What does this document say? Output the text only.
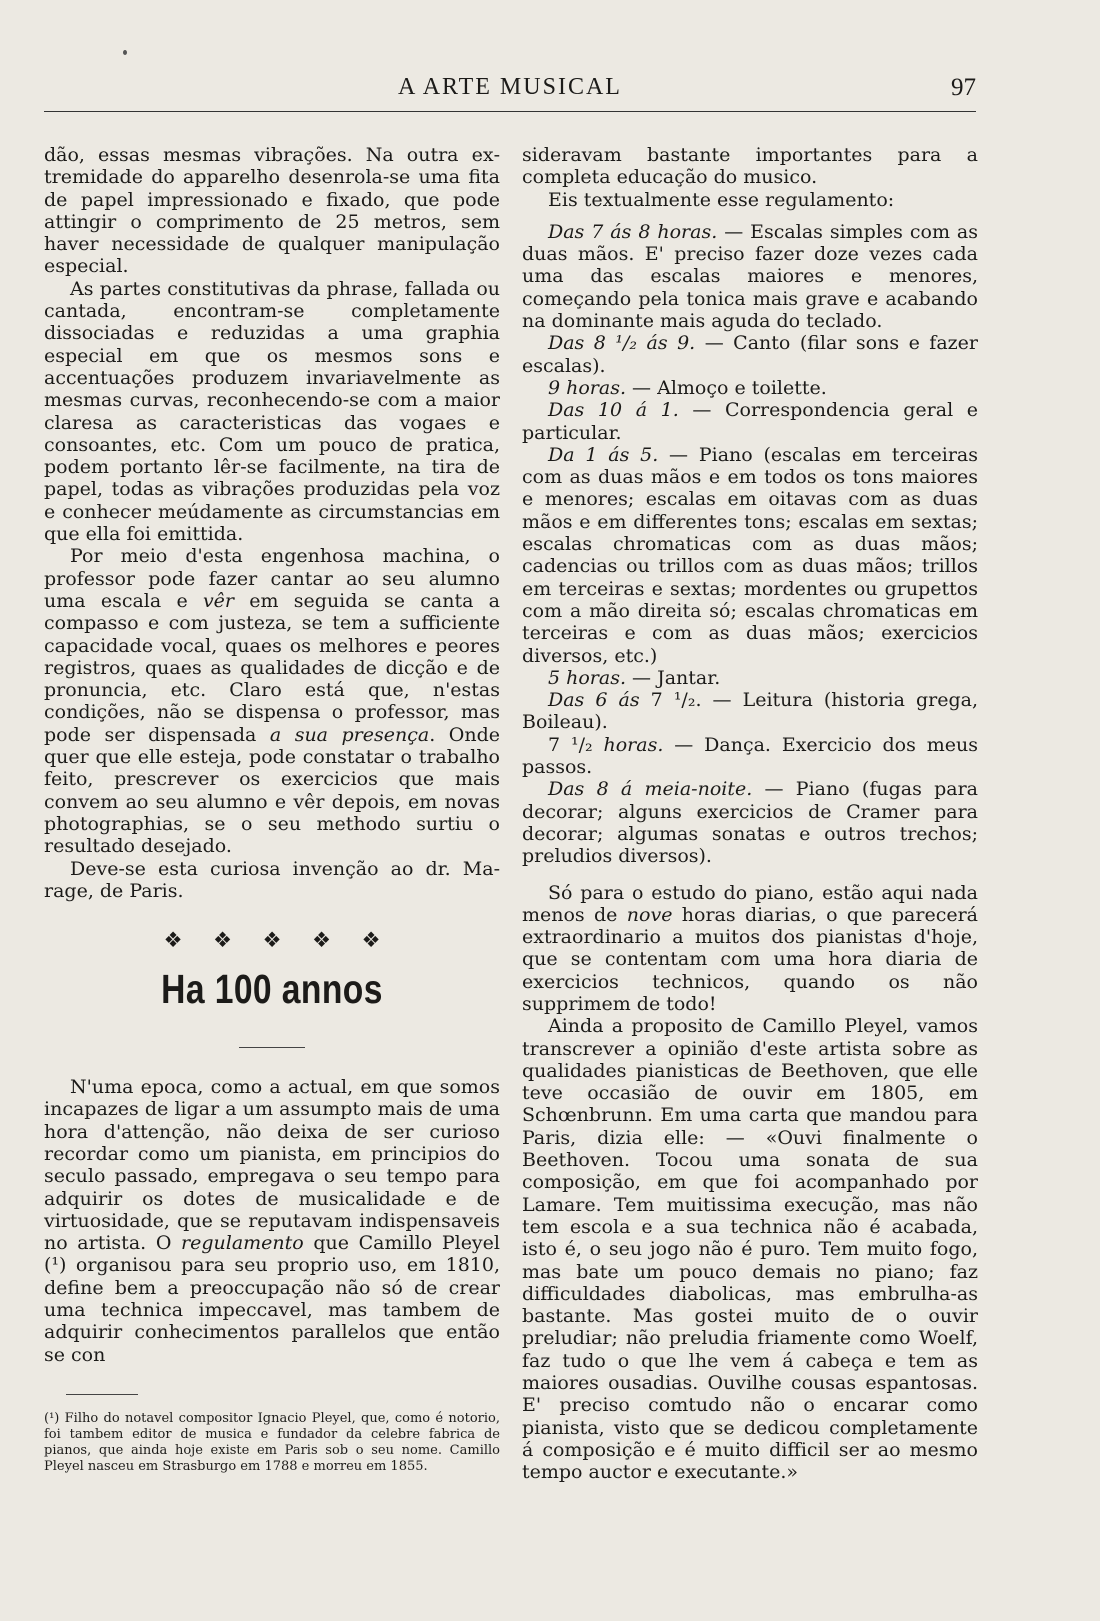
A ARTE MUSICAL	97

dão, essas mesmas vibrações. Na outra extremidade do apparelho desenrola-se uma fita de papel impressionado e fixado, que pode attingir o comprimento de 25 metros, sem haver necessidade de qualquer manipulação especial.

As partes constitutivas da phrase, fallada ou cantada, encontram-se completamente dissociadas e reduzidas a uma graphia especial em que os mesmos sons e accentuações produzem invariavelmente as mesmas curvas, reconhecendo-se com a maior claresa as caracteristicas das vogaes e consoantes, etc. Com um pouco de pratica, podem portanto lêr-se facilmente, na tira de papel, todas as vibrações produzidas pela voz e conhecer meúdamente as circumstancias em que ella foi emittida.

Por meio d'esta engenhosa machina, o professor pode fazer cantar ao seu alumno uma escala e vêr em seguida se canta a compasso e com justeza, se tem a sufficiente capacidade vocal, quaes os melhores e peores registros, quaes as qualidades de dicção e de pronuncia, etc. Claro está que, n'estas condições, não se dispensa o professor, mas pode ser dispensada a sua presença. Onde quer que elle esteja, pode constatar o trabalho feito, prescrever os exercicios que mais convem ao seu alumno e vêr depois, em novas photographias, se o seu methodo surtiu o resultado desejado.

Deve-se esta curiosa invenção ao dr. Marage, de Paris.

❖ ❖ ❖ ❖ ❖
Ha 100 annos

N'uma epoca, como a actual, em que somos incapazes de ligar a um assumpto mais de uma hora d'attenção, não deixa de ser curioso recordar como um pianista, em principios do seculo passado, empregava o seu tempo para adquirir os dotes de musicalidade e de virtuosidade, que se reputavam indispensaveis no artista. O regulamento que Camillo Pleyel (¹) organisou para seu proprio uso, em 1810, define bem a preoccupação não só de crear uma technica impeccavel, mas tambem de adquirir conhecimentos parallelos que então se con

(¹) Filho do notavel compositor Ignacio Pleyel, que, como é notorio, foi tambem editor de musica e fundador da celebre fabrica de pianos, que ainda hoje existe em Paris sob o seu nome. Camillo Pleyel nasceu em Strasburgo em 1788 e morreu em 1855.

sideravam bastante importantes para a completa educação do musico.

Eis textualmente esse regulamento:

Das 7 ás 8 horas. — Escalas simples com as duas mãos. E' preciso fazer doze vezes cada uma das escalas maiores e menores, começando pela tonica mais grave e acabando na dominante mais aguda do teclado.

Das 8 ¹/₂ ás 9. — Canto (filar sons e fazer escalas).

9 horas. — Almoço e toilette.

Das 10 á 1. — Correspondencia geral e particular.

Da 1 ás 5. — Piano (escalas em terceiras com as duas mãos e em todos os tons maiores e menores; escalas em oitavas com as duas mãos e em differentes tons; escalas em sextas; escalas chromaticas com as duas mãos; cadencias ou trillos com as duas mãos; trillos em terceiras e sextas; mordentes ou grupettos com a mão direita só; escalas chromaticas em terceiras e com as duas mãos; exercicios diversos, etc.)

5 horas. — Jantar.

Das 6 ás 7 ¹/₂. — Leitura (historia grega, Boileau).

7 ¹/₂ horas. — Dança. Exercicio dos meus passos.

Das 8 á meia-noite. — Piano (fugas para decorar; alguns exercicios de Cramer para decorar; algumas sonatas e outros trechos; preludios diversos).

Só para o estudo do piano, estão aqui nada menos de nove horas diarias, o que parecerá extraordinario a muitos dos pianistas d'hoje, que se contentam com uma hora diaria de exercicios technicos, quando os não supprimem de todo!

Ainda a proposito de Camillo Pleyel, vamos transcrever a opinião d'este artista sobre as qualidades pianisticas de Beethoven, que elle teve occasião de ouvir em 1805, em Schœnbrunn. Em uma carta que mandou para Paris, dizia elle: — «Ouvi finalmente o Beethoven. Tocou uma sonata de sua composição, em que foi acompanhado por Lamare. Tem muitissima execução, mas não tem escola e a sua technica não é acabada, isto é, o seu jogo não é puro. Tem muito fogo, mas bate um pouco demais no piano; faz difficuldades diabolicas, mas embrulha-as bastante. Mas gostei muito de o ouvir preludiar; não preludia friamente como Woelf, faz tudo o que lhe vem á cabeça e tem as maiores ousadias. Ouvilhe cousas espantosas. E' preciso comtudo não o encarar como pianista, visto que se dedicou completamente á composição e é muito difficil ser ao mesmo tempo auctor e executante.»
